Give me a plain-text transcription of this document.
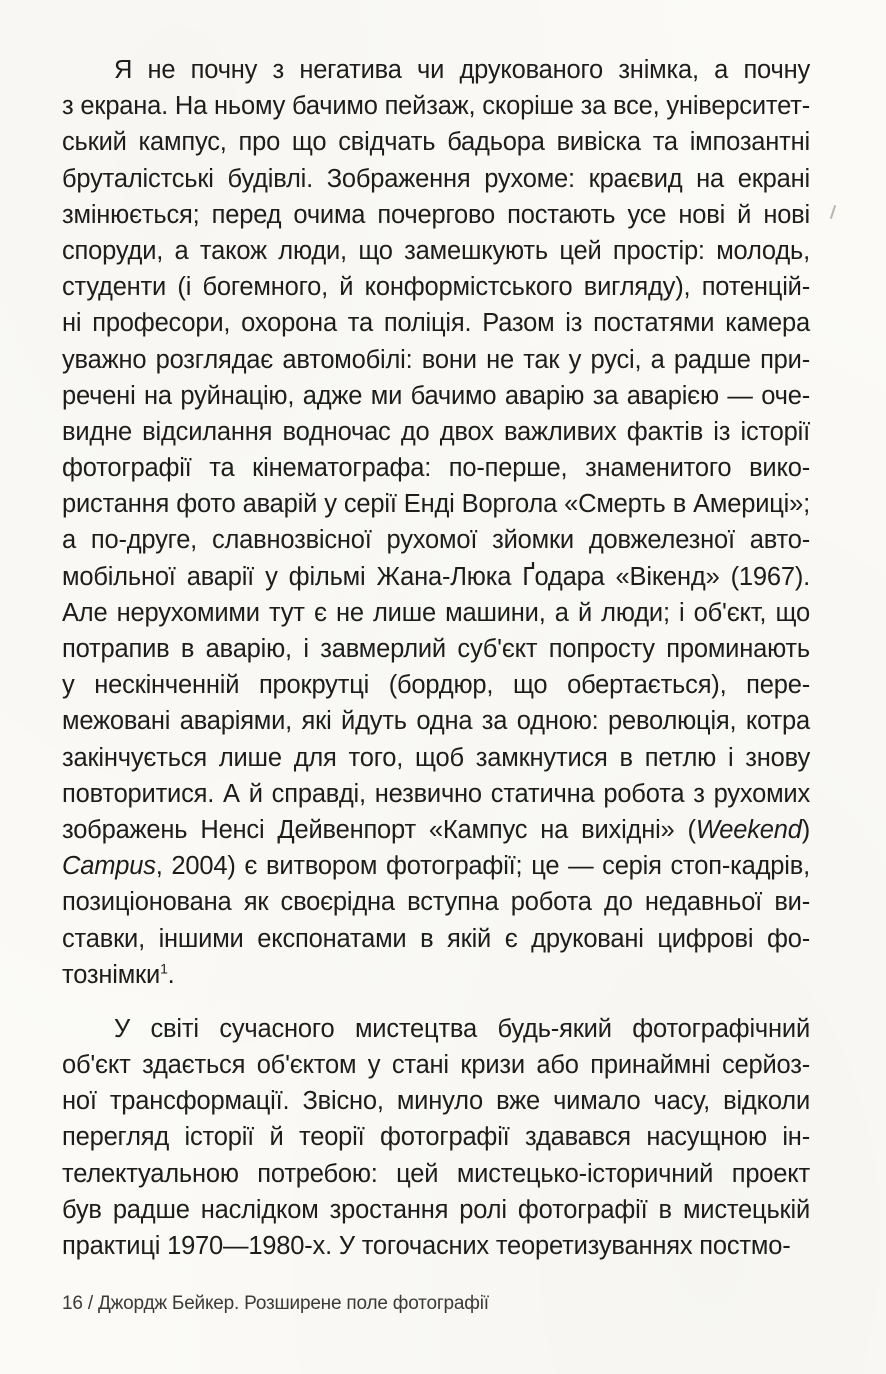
Я не почну з негатива чи друкованого знімка, а почну
з екрана. На ньому бачимо пейзаж, скоріше за все, університет-
ський кампус, про що свідчать бадьора вивіска та імпозантні
бруталістські будівлі. Зображення рухоме: краєвид на екрані
змінюється; перед очима почергово постають усе нові й нові
споруди, а також люди, що замешкують цей простір: молодь,
студенти (і богемного, й конформістського вигляду), потенцій-
ні професори, охорона та поліція. Разом із постатями камера
уважно розглядає автомобілі: вони не так у русі, а радше при-
речені на руйнацію, адже ми бачимо аварію за аварією — оче-
видне відсилання водночас до двох важливих фактів із історії
фотографії та кінематографа: по-перше, знаменитого вико-
ристання фото аварій у серії Енді Воргола «Смерть в Америці»;
а по-друге, славнозвісної рухомої зйомки довжелезної авто-
мобільної аварії у фільмі Жана-Люка Ґодара «Вікенд» (1967).
Але нерухомими тут є не лише машини, а й люди; і об'єкт, що
потрапив в аварію, і завмерлий суб'єкт попросту проминають
у нескінченній прокрутці (бордюр, що обертається), пере-
межовані аваріями, які йдуть одна за одною: революція, котра
закінчується лише для того, щоб замкнутися в петлю і знову
повторитися. А й справді, незвично статична робота з рухомих
зображень Ненсі Дейвенпорт «Кампус на вихідні» (Weekend)
Campus, 2004) є витвором фотографії; це — серія стоп-кадрів,
позиціонована як своєрідна вступна робота до недавньої ви-
ставки, іншими експонатами в якій є друковані цифрові фо-
тознімки$^1$.
У світі сучасного мистецтва будь-який фотографічний
об'єкт здається об'єктом у стані кризи або принаймні серйоз-
ної трансформації. Звісно, минуло вже чимало часу, відколи
перегляд історії й теорії фотографії здавався насущною ін-
телектуальною потребою: цей мистецько-історичний проект
був радше наслідком зростання ролі фотографії в мистецькій
практиці 1970—1980-х. У тогочасних теоретизуваннях постмо-
16 / Джордж Бейкер. Розширене поле фотографії
